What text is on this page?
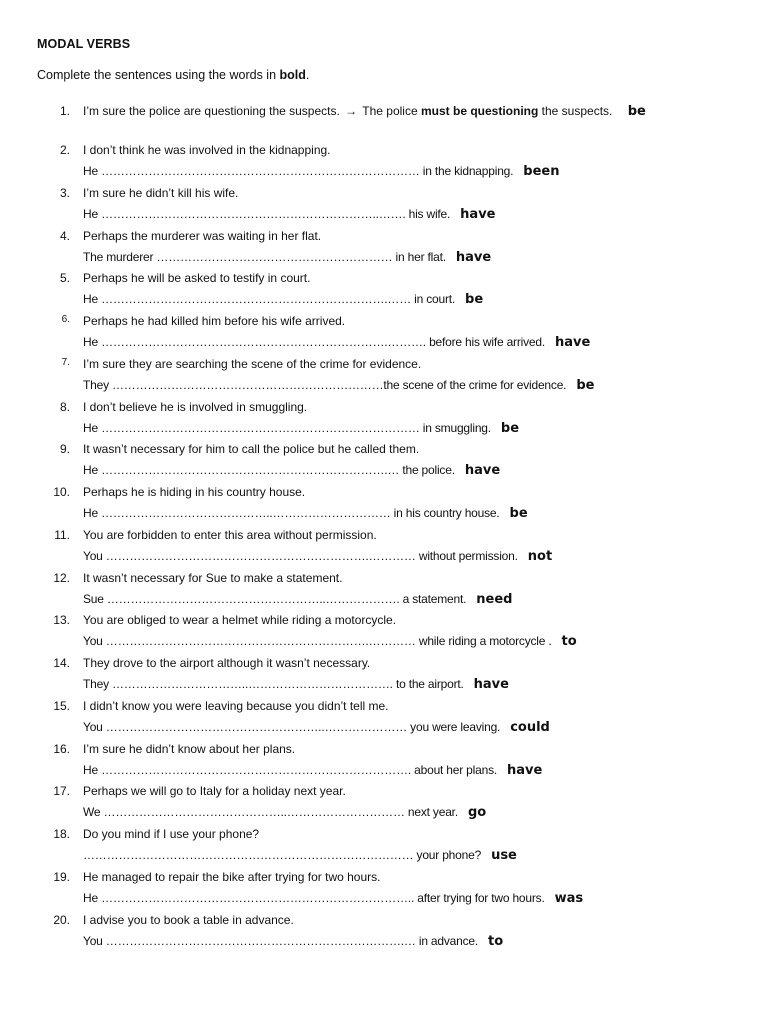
MODAL VERBS
Complete the sentences using the words in bold.
1. I’m sure the police are questioning the suspects. → The police must be questioning the suspects. be
2. I don’t think he was involved in the kidnapping.
He ……………………………………………………………………… in the kidnapping. been
3. I’m sure he didn’t kill his wife.
He ……………………………………………………………..……. his wife. have
4. Perhaps the murderer was waiting in her flat.
The murderer …………………………………………………… in her flat. have
5. Perhaps he will be asked to testify in court.
He ……………………………………………………………….…… in court. be
6. Perhaps he had killed him before his wife arrived.
He ……………………………………………………………….………. before his wife arrived. have
7. I’m sure they are searching the scene of the crime for evidence.
They ……………………………………………………………the scene of the crime for evidence. be
8. I don’t believe he is involved in smuggling.
He ……………………………………………………………………… in smuggling. be
9. It wasn’t necessary for him to call the police but he called them.
He ……………………………………………………………….… the police. have
10. Perhaps he is hiding in his country house.
He ……………………………………..………………………… in his country house. be
11. You are forbidden to enter this area without permission.
You ………………………………………………………….………… without permission. not
12. It wasn’t necessary for Sue to make a statement.
Sue ………………………………………………..………………. a statement. need
13. You are obliged to wear a helmet while riding a motorcycle.
You ………………………………………………………….………… while riding a motorcycle . to
14. They drove to the airport although it wasn’t necessary.
They ……………………………..………………………………. to the airport. have
15. I didn’t know you were leaving because you didn’t tell me.
You ………………………………………………..………………… you were leaving. could
16. I’m sure he didn’t know about her plans.
He ……………………………………………………………………. about her plans. have
17. Perhaps we will go to Italy for a holiday next year.
We ………………………………………..………………………… next year. go
18. Do you mind if I use your phone?
………………………………………………………………………… your phone? use
19. He managed to repair the bike after trying for two hours.
He …………………………………………………………………….. after trying for two hours. was
20. I advise you to book a table in advance.
You ………………………………………………………………….… in advance. to
